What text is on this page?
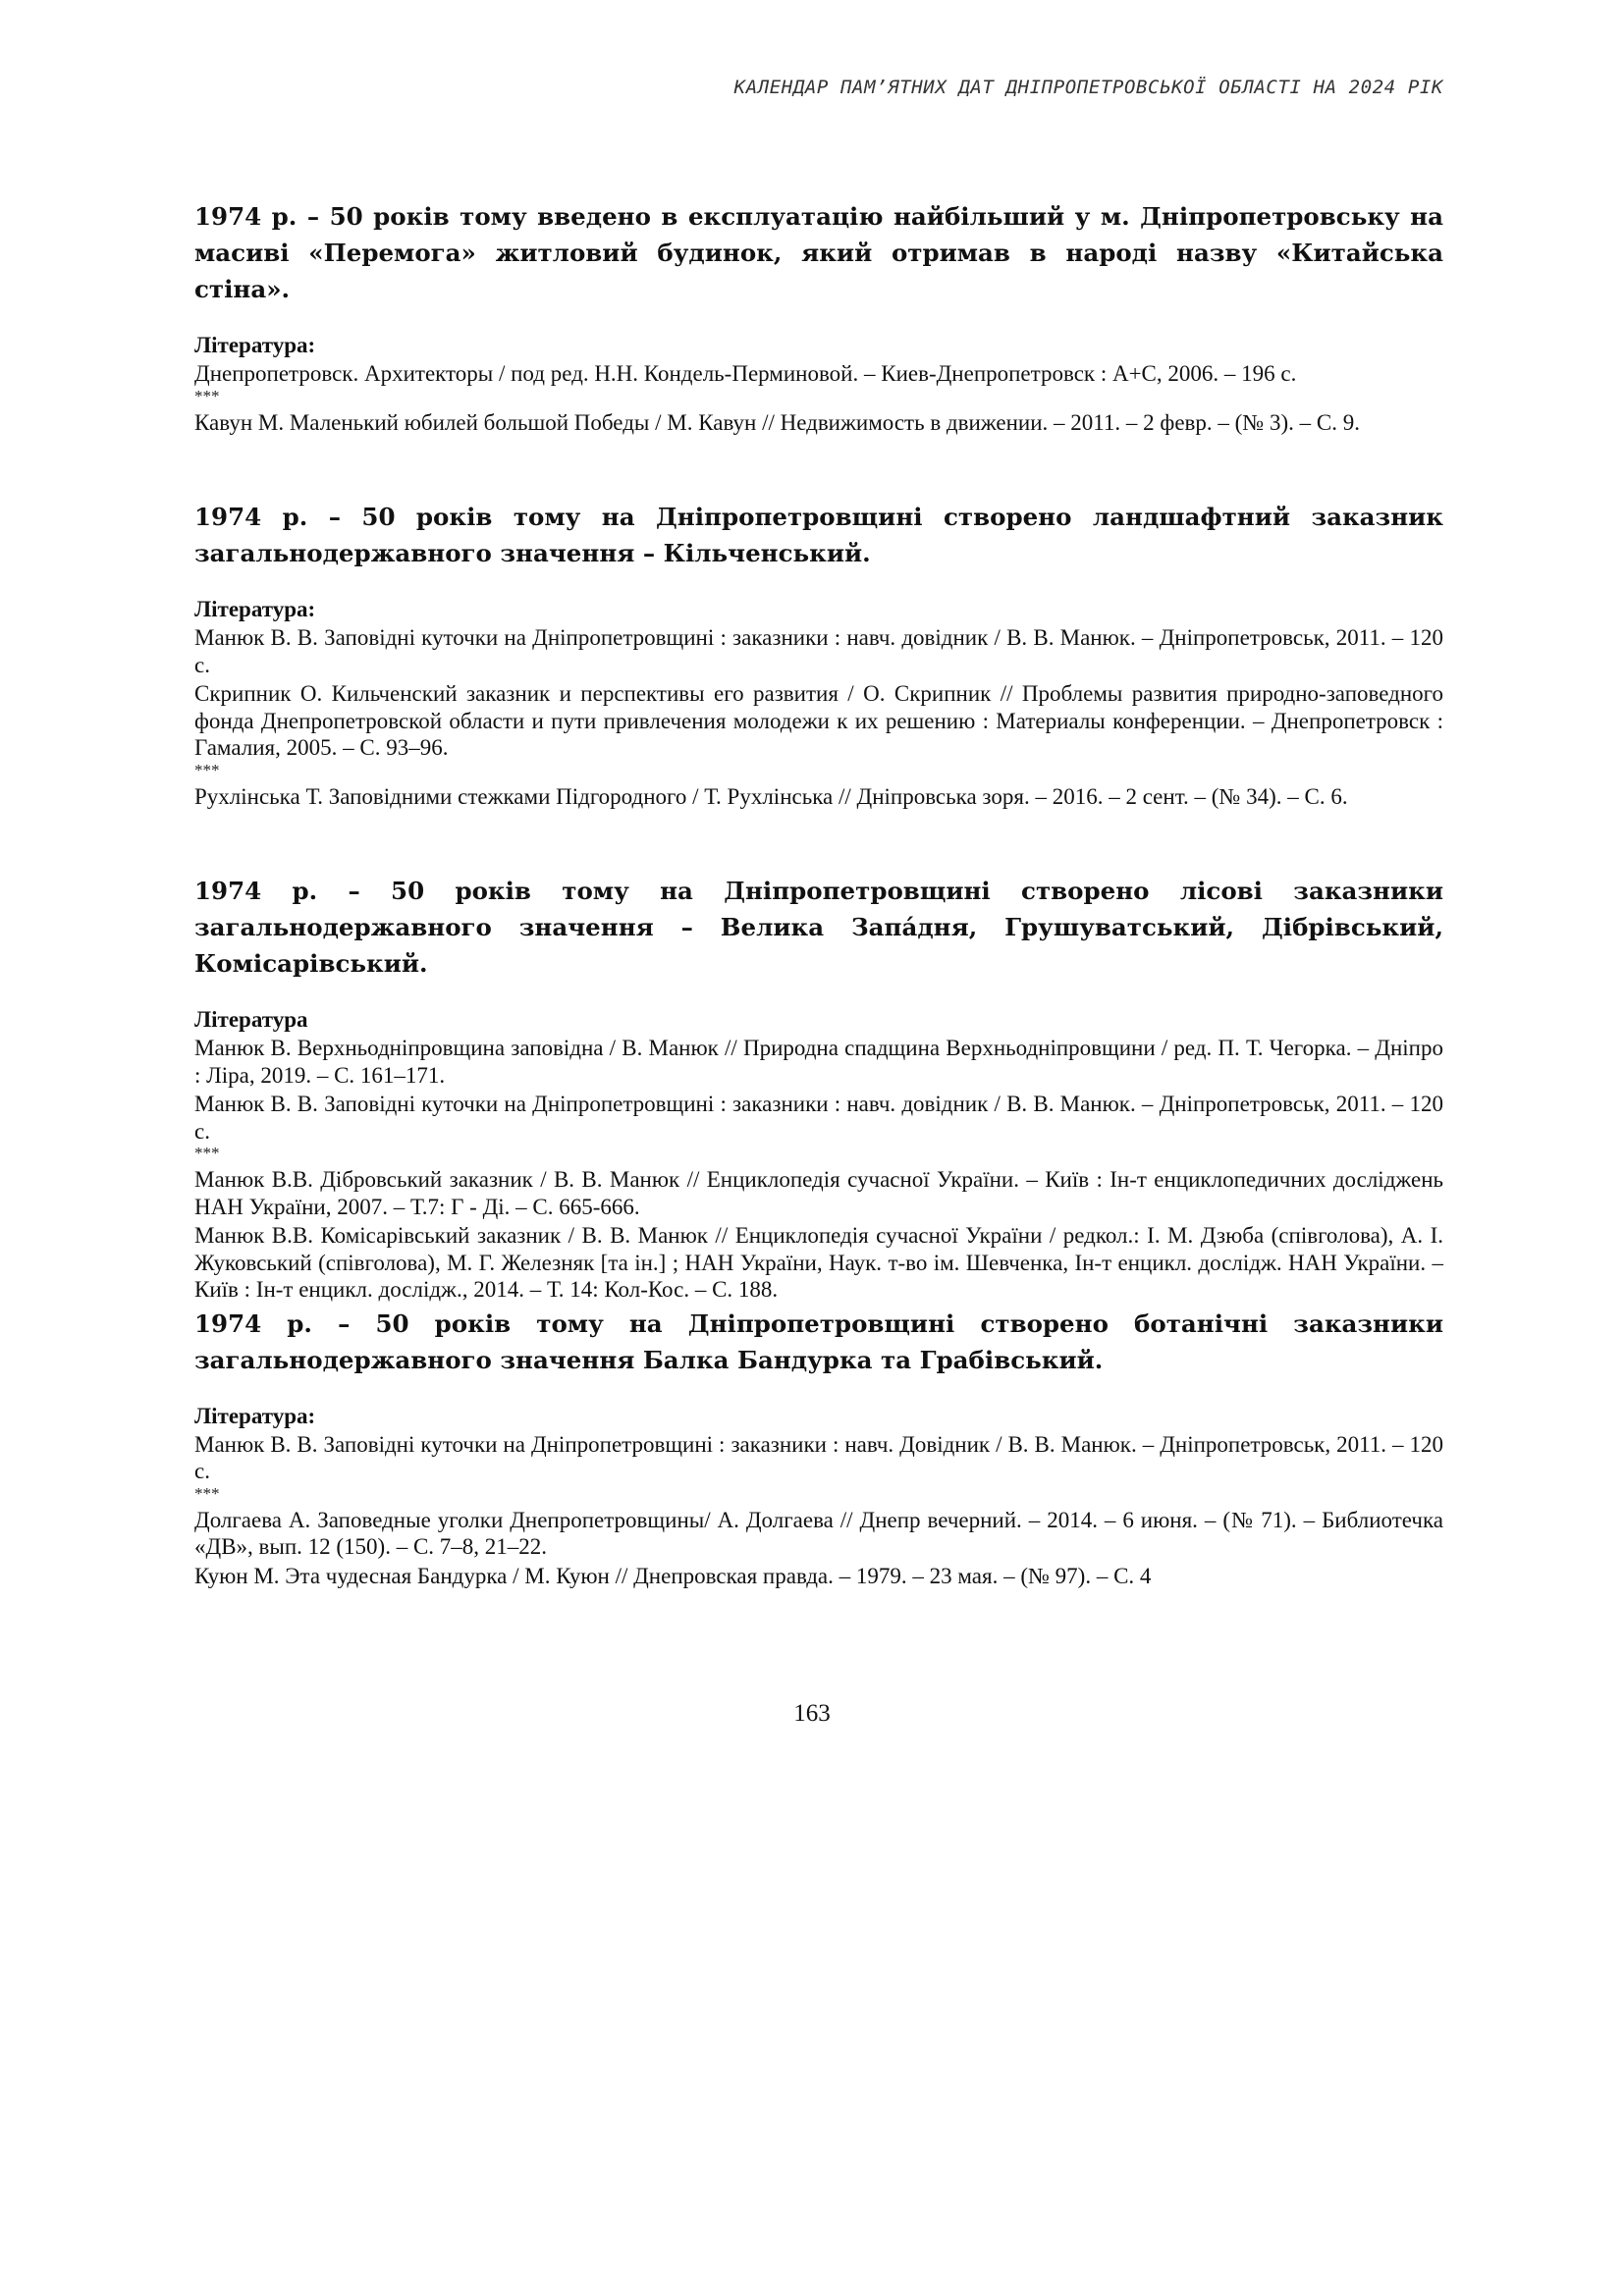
КАЛЕНДАР ПАМ’ЯТНИХ ДАТ ДНІПРОПЕТРОВСЬКОЇ ОБЛАСТІ НА 2024 РІК

1974 р. – 50 років тому введено в експлуатацію найбільший у м. Дніпропетровську на масиві «Перемога» житловий будинок, який отримав в народі назву «Китайська стіна».

Література:

Днепропетровск. Архитекторы / под ред. Н.Н. Кондель-Перминовой. – Киев-Днепропетровск : А+С, 2006. – 196 с.

***

Кавун М. Маленький юбилей большой Победы / М. Кавун // Недвижимость в движении. – 2011. – 2 февр. – (№ 3). – С. 9.

1974 р. – 50 років тому на Дніпропетровщині створено ландшафтний заказник загальнодержавного значення – Кільченський.

Література:

Манюк В. В. Заповідні куточки на Дніпропетровщині : заказники : навч. довідник / В. В. Манюк. – Дніпропетровськ, 2011. – 120 с.

Скрипник О. Кильченский заказник и перспективы его развития / О. Скрипник // Проблемы развития природно-заповедного фонда Днепропетровской области и пути привлечения молодежи к их решению : Материалы конференции. – Днепропетровск : Гамалия, 2005. – С. 93–96.

***

Рухлінська Т. Заповідними стежками Підгородного / Т. Рухлінська // Дніпровська зоря. – 2016. – 2 сент. – (№ 34). – С. 6.

1974 р. – 50 років тому на Дніпропетровщині створено лісові заказники загальнодержавного значення – Велика Запáдня, Грушуватський, Дібрівський, Комісарівський.

Література

Манюк В. Верхньодніпровщина заповідна / В. Манюк // Природна спадщина Верхньодніпровщини / ред. П. Т. Чегорка. – Дніпро : Ліра, 2019. – С. 161–171.

Манюк В. В. Заповідні куточки на Дніпропетровщині : заказники : навч. довідник / В. В. Манюк. – Дніпропетровськ, 2011. – 120 с.

***

Манюк В.В. Дібровський заказник / В. В. Манюк // Енциклопедія сучасної України. – Київ : Ін-т енциклопедичних досліджень НАН України, 2007. – Т.7: Г - Ді. – С. 665-666.

Манюк В.В. Комісарівський заказник / В. В. Манюк // Енциклопедія сучасної України / редкол.: І. М. Дзюба (співголова), А. І. Жуковський (співголова), М. Г. Железняк [та ін.] ; НАН України, Наук. т-во ім. Шевченка, Ін-т енцикл. дослідж. НАН України. – Київ : Ін-т енцикл. дослідж., 2014. – Т. 14: Кол-Кос. – С. 188.

1974 р. – 50 років тому на Дніпропетровщині створено ботанічні заказники загальнодержавного значення Балка Бандурка та Грабівський.

Література:

Манюк В. В. Заповідні куточки на Дніпропетровщині : заказники : навч. Довідник / В. В. Манюк. – Дніпропетровськ, 2011. – 120 с.

***

Долгаева А. Заповедные уголки Днепропетровщины/ А. Долгаева // Днепр вечерний. – 2014. – 6 июня. – (№ 71). – Библиотечка «ДВ», вып. 12 (150). – С. 7–8, 21–22.

Куюн М. Эта чудесная Бандурка / М. Куюн // Днепровская правда. – 1979. – 23 мая. – (№ 97). – С. 4

163
